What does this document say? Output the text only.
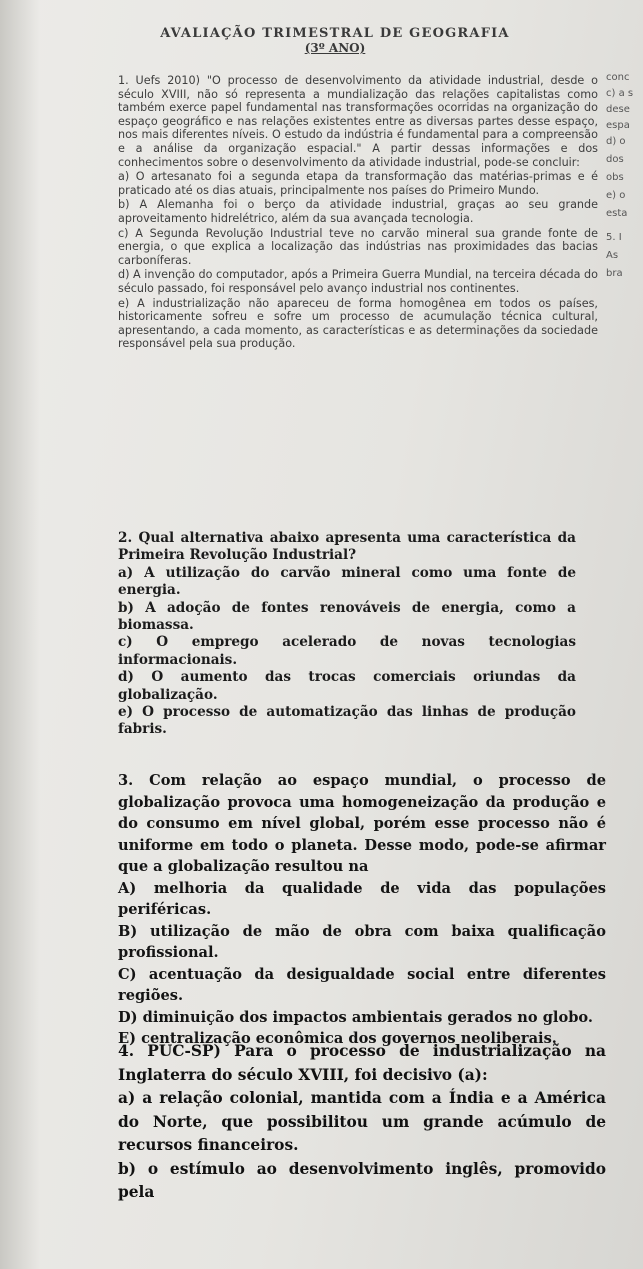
AVALIAÇÃO TRIMESTRAL DE GEOGRAFIA
(3º ANO)

1. Uefs 2010) "O processo de desenvolvimento da atividade industrial, desde o século XVIII, não só representa a mundialização das relações capitalistas como também exerce papel fundamental nas transformações ocorridas na organização do espaço geográfico e nas relações existentes entre as diversas partes desse espaço, nos mais diferentes níveis. O estudo da indústria é fundamental para a compreensão e a análise da organização espacial." A partir dessas informações e dos conhecimentos sobre o desenvolvimento da atividade industrial, pode-se concluir:

a) O artesanato foi a segunda etapa da transformação das matérias-primas e é praticado até os dias atuais, principalmente nos países do Primeiro Mundo.
b) A Alemanha foi o berço da atividade industrial, graças ao seu grande aproveitamento hidrelétrico, além da sua avançada tecnologia.
c) A Segunda Revolução Industrial teve no carvão mineral sua grande fonte de energia, o que explica a localização das indústrias nas proximidades das bacias carboníferas.
d) A invenção do computador, após a Primeira Guerra Mundial, na terceira década do século passado, foi responsável pelo avanço industrial nos continentes.
e) A industrialização não apareceu de forma homogênea em todos os países, historicamente sofreu e sofre um processo de acumulação técnica cultural, apresentando, a cada momento, as características e as determinações da sociedade responsável pela sua produção.

2. Qual alternativa abaixo apresenta uma característica da Primeira Revolução Industrial?

a) A utilização do carvão mineral como uma fonte de energia.
b) A adoção de fontes renováveis de energia, como a biomassa.
c) O emprego acelerado de novas tecnologias informacionais.
d) O aumento das trocas comerciais oriundas da globalização.
e) O processo de automatização das linhas de produção fabris.

3. Com relação ao espaço mundial, o processo de globalização provoca uma homogeneização da produção e do consumo em nível global, porém esse processo não é uniforme em todo o planeta. Desse modo, pode-se afirmar que a globalização resultou na

A) melhoria da qualidade de vida das populações periféricas.
B) utilização de mão de obra com baixa qualificação profissional.
C) acentuação da desigualdade social entre diferentes regiões.
D) diminuição dos impactos ambientais gerados no globo.
E) centralização econômica dos governos neoliberais.

4. PUC-SP) Para o processo de industrialização na Inglaterra do século XVIII, foi decisivo (a):

a) a relação colonial, mantida com a Índia e a América do Norte, que possibilitou um grande acúmulo de recursos financeiros.
b) o estímulo ao desenvolvimento inglês, promovido pela
conc
c) a s
dese
espa
d) o
dos
obs
e) o
esta
5. I
As
bra
